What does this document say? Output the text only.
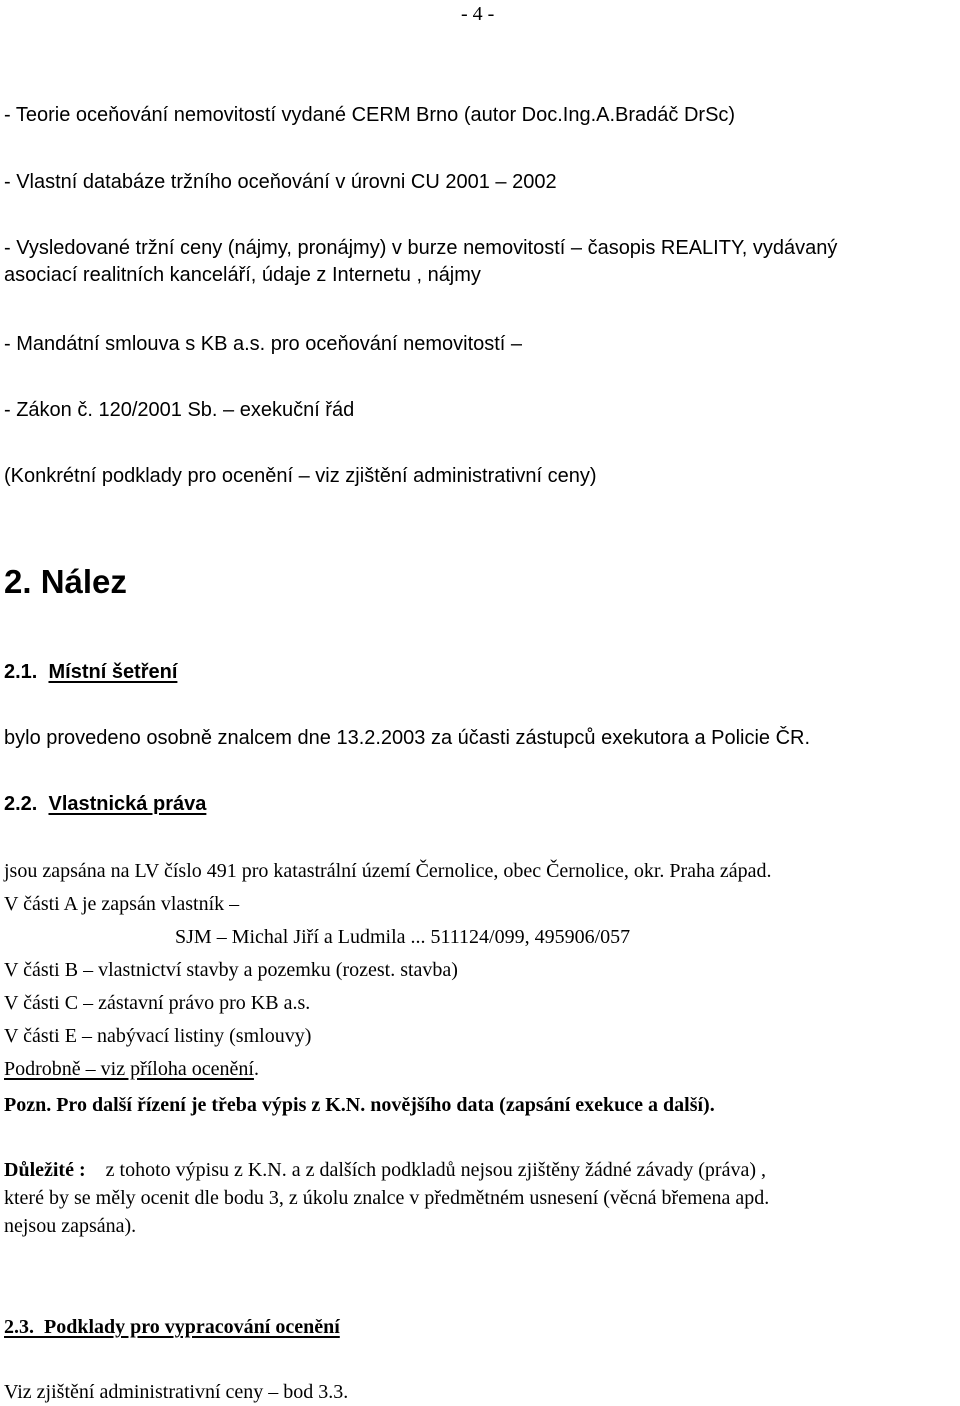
- 4 -
- Teorie oceňování nemovitostí vydané CERM Brno (autor Doc.Ing.A.Bradáč DrSc)
- Vlastní databáze tržního oceňování v úrovni CU 2001 – 2002
- Vysledované tržní ceny (nájmy, pronájmy) v burze nemovitostí – časopis REALITY, vydávaný
asociací realitních kanceláří, údaje z Internetu , nájmy
- Mandátní smlouva s KB a.s. pro oceňování nemovitostí –
- Zákon č. 120/2001 Sb. – exekuční řád
(Konkrétní podklady pro ocenění – viz zjištění administrativní ceny)
2. Nález
2.1. Místní šetření
bylo provedeno osobně znalcem dne 13.2.2003 za účasti zástupců exekutora a Policie ČR.
2.2. Vlastnická práva
jsou zapsána na LV číslo 491 pro katastrální území Černolice, obec Černolice, okr. Praha západ.
V části A je zapsán vlastník –
SJM – Michal Jiří a Ludmila ... 511124/099, 495906/057
V části B – vlastnictví stavby a pozemku (rozest. stavba)
V části C – zástavní právo pro KB a.s.
V části E – nabývací listiny (smlouvy)
Podrobně – viz příloha ocenění.
Pozn. Pro další řízení je třeba výpis z K.N. novějšího data (zapsání exekuce a další).
Důležité : z tohoto výpisu z K.N. a z dalších podkladů nejsou zjištěny žádné závady (práva) ,
které by se měly ocenit dle bodu 3, z úkolu znalce v předmětném usnesení (věcná břemena apd.
nejsou zapsána).
2.3. Podklady pro vypracování ocenění
Viz zjištění administrativní ceny – bod 3.3.
